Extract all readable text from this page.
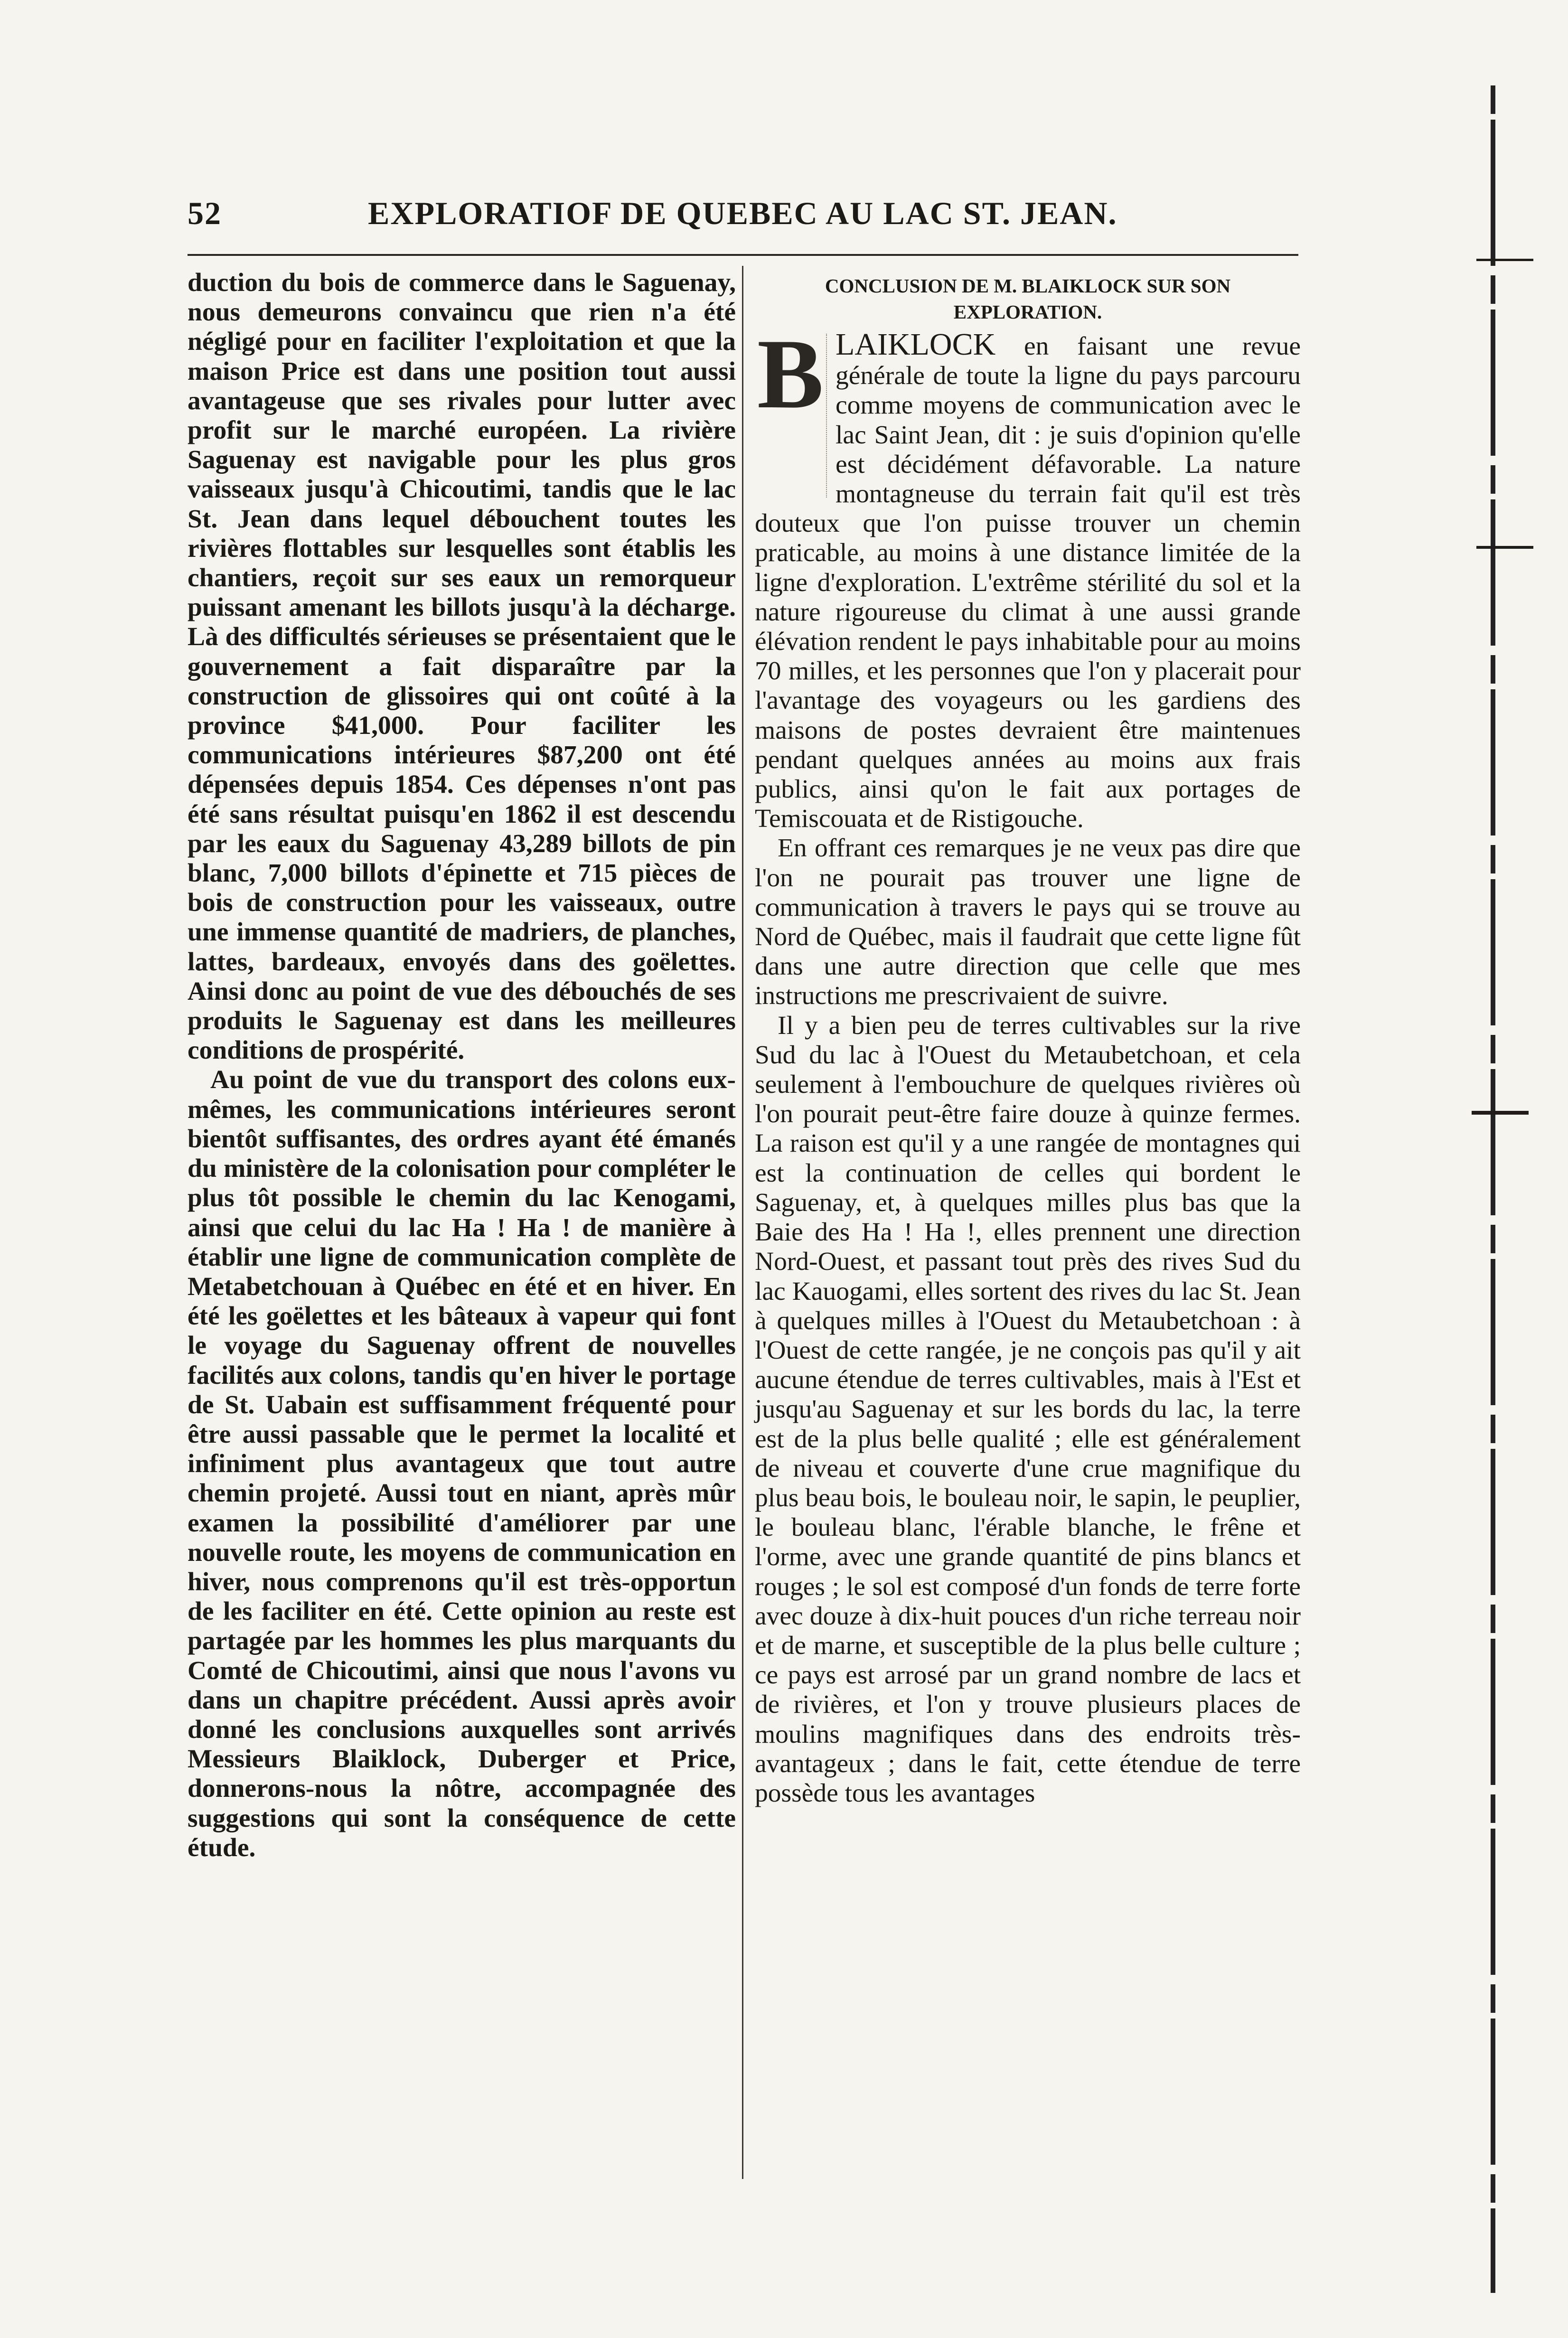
52	EXPLORATIOF DE QUEBEC AU LAC ST. JEAN.

duction du bois de commerce dans le Saguenay, nous demeurons convaincu que rien n'a été négligé pour en faciliter l'exploitation et que la maison Price est dans une position tout aussi avantageuse que ses rivales pour lutter avec profit sur le marché européen. La rivière Saguenay est navigable pour les plus gros vaisseaux jusqu'à Chicoutimi, tandis que le lac St. Jean dans lequel débouchent toutes les rivières flottables sur lesquelles sont établis les chantiers, reçoit sur ses eaux un remorqueur puissant amenant les billots jusqu'à la décharge. Là des difficultés sérieuses se présentaient que le gouvernement a fait disparaître par la construction de glissoires qui ont coûté à la province $41,000. Pour faciliter les communications intérieures $87,200 ont été dépensées depuis 1854. Ces dépenses n'ont pas été sans résultat puisqu'en 1862 il est descendu par les eaux du Saguenay 43,289 billots de pin blanc, 7,000 billots d'épinette et 715 pièces de bois de construction pour les vaisseaux, outre une immense quantité de madriers, de planches, lattes, bardeaux, envoyés dans des goëlettes. Ainsi donc au point de vue des débouchés de ses produits le Saguenay est dans les meilleures conditions de prospérité.

Au point de vue du transport des colons eux-mêmes, les communications intérieures seront bientôt suffisantes, des ordres ayant été émanés du ministère de la colonisation pour compléter le plus tôt possible le chemin du lac Kenogami, ainsi que celui du lac Ha ! Ha ! de manière à établir une ligne de communication complète de Metabetchouan à Québec en été et en hiver. En été les goëlettes et les bâteaux à vapeur qui font le voyage du Saguenay offrent de nouvelles facilités aux colons, tandis qu'en hiver le portage de St. Uabain est suffisamment fréquenté pour être aussi passable que le permet la localité et infiniment plus avantageux que tout autre chemin projeté. Aussi tout en niant, après mûr examen la possibilité d'améliorer par une nouvelle route, les moyens de communication en hiver, nous comprenons qu'il est très-opportun de les faciliter en été. Cette opinion au reste est partagée par les hommes les plus marquants du Comté de Chicoutimi, ainsi que nous l'avons vu dans un chapitre précédent. Aussi après avoir donné les conclusions auxquelles sont arrivés Messieurs Blaiklock, Duberger et Price, donnerons-nous la nôtre, accompagnée des suggestions qui sont la conséquence de cette étude.

CONCLUSION DE M. BLAIKLOCK SUR SON EXPLORATION.

B LAIKLOCK en faisant une revue générale de toute la ligne du pays parcouru comme moyens de communication avec le lac Saint Jean, dit : je suis d'opinion qu'elle est décidément défavorable. La nature montagneuse du terrain fait qu'il est très douteux que l'on puisse trouver un chemin praticable, au moins à une distance limitée de la ligne d'exploration. L'extrême stérilité du sol et la nature rigoureuse du climat à une aussi grande élévation rendent le pays inhabitable pour au moins 70 milles, et les personnes que l'on y placerait pour l'avantage des voyageurs ou les gardiens des maisons de postes devraient être maintenues pendant quelques années au moins aux frais publics, ainsi qu'on le fait aux portages de Temiscouata et de Ristigouche.

En offrant ces remarques je ne veux pas dire que l'on ne pourait pas trouver une ligne de communication à travers le pays qui se trouve au Nord de Québec, mais il faudrait que cette ligne fût dans une autre direction que celle que mes instructions me prescrivaient de suivre.

Il y a bien peu de terres cultivables sur la rive Sud du lac à l'Ouest du Metaubetchoan, et cela seulement à l'embouchure de quelques rivières où l'on pourait peut-être faire douze à quinze fermes. La raison est qu'il y a une rangée de montagnes qui est la continuation de celles qui bordent le Saguenay, et, à quelques milles plus bas que la Baie des Ha ! Ha !, elles prennent une direction Nord-Ouest, et passant tout près des rives Sud du lac Kauogami, elles sortent des rives du lac St. Jean à quelques milles à l'Ouest du Metaubetchoan : à l'Ouest de cette rangée, je ne conçois pas qu'il y ait aucune étendue de terres cultivables, mais à l'Est et jusqu'au Saguenay et sur les bords du lac, la terre est de la plus belle qualité ; elle est généralement de niveau et couverte d'une crue magnifique du plus beau bois, le bouleau noir, le sapin, le peuplier, le bouleau blanc, l'érable blanche, le frêne et l'orme, avec une grande quantité de pins blancs et rouges ; le sol est composé d'un fonds de terre forte avec douze à dix-huit pouces d'un riche terreau noir et de marne, et susceptible de la plus belle culture ; ce pays est arrosé par un grand nombre de lacs et de rivières, et l'on y trouve plusieurs places de moulins magnifiques dans des endroits très-avantageux ; dans le fait, cette étendue de terre possède tous les avantages
